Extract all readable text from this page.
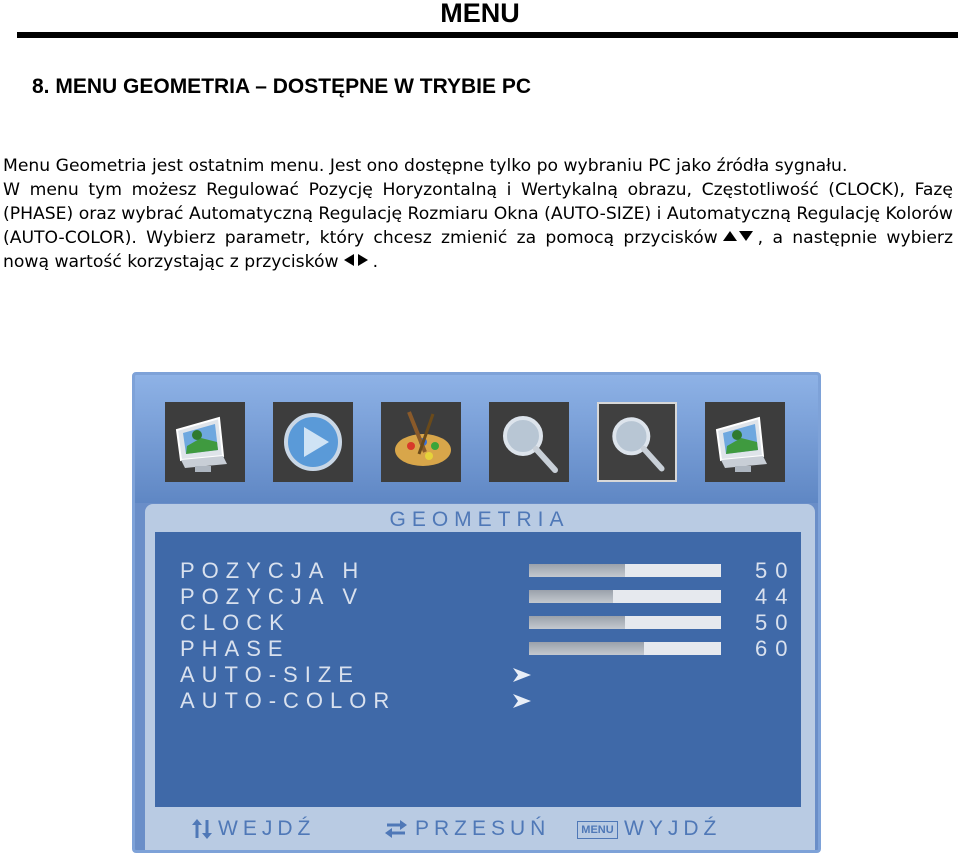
MENU
8. MENU GEOMETRIA – DOSTĘPNE W TRYBIE PC

Menu Geometria jest ostatnim menu. Jest ono dostępne tylko po wybraniu PC jako źródła sygnału.

W menu tym możesz Regulować Pozycję Horyzontalną i Wertykalną obrazu, Częstotliwość (CLOCK), Fazę (PHASE) oraz wybrać Automatyczną Regulację Rozmiaru Okna (AUTO-SIZE) i Automatyczną Regulację Kolorów (AUTO-COLOR). Wybierz parametr, który chcesz zmienić za pomocą przycisków , a następnie wybierz nową wartość korzystając z przycisków .

GEOMETRIA
POZYCJA H	50
POZYCJA V	44
CLOCK	50
PHASE	60
AUTO-SIZE
AUTO-COLOR
WEJDŹ	PRZESUŃ	MENU WYJDŹ
